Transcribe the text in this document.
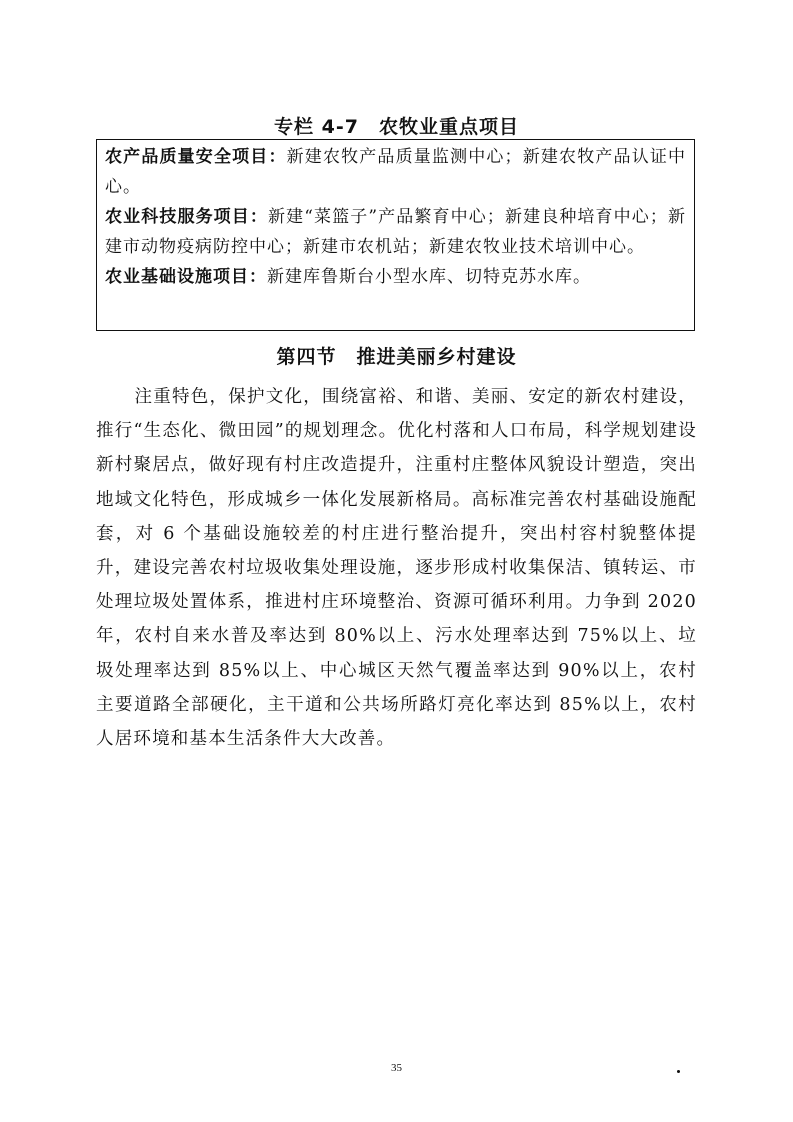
专栏 4-7　农牧业重点项目
农产品质量安全项目：新建农牧产品质量监测中心；新建农牧产品认证中心。
农业科技服务项目：新建“菜篮子”产品繁育中心；新建良种培育中心；新建市动物疫病防控中心；新建市农机站；新建农牧业技术培训中心。
农业基础设施项目：新建库鲁斯台小型水库、切特克苏水库。
第四节　推进美丽乡村建设
注重特色，保护文化，围绕富裕、和谐、美丽、安定的新农村建设，推行“生态化、微田园”的规划理念。优化村落和人口布局，科学规划建设新村聚居点，做好现有村庄改造提升，注重村庄整体风貌设计塑造，突出地域文化特色，形成城乡一体化发展新格局。高标准完善农村基础设施配套，对 6 个基础设施较差的村庄进行整治提升，突出村容村貌整体提升，建设完善农村垃圾收集处理设施，逐步形成村收集保洁、镇转运、市处理垃圾处置体系，推进村庄环境整治、资源可循环利用。力争到 2020 年，农村自来水普及率达到 80%以上、污水处理率达到 75%以上、垃圾处理率达到 85%以上、中心城区天然气覆盖率达到 90%以上，农村主要道路全部硬化，主干道和公共场所路灯亮化率达到 85%以上，农村人居环境和基本生活条件大大改善。
35
